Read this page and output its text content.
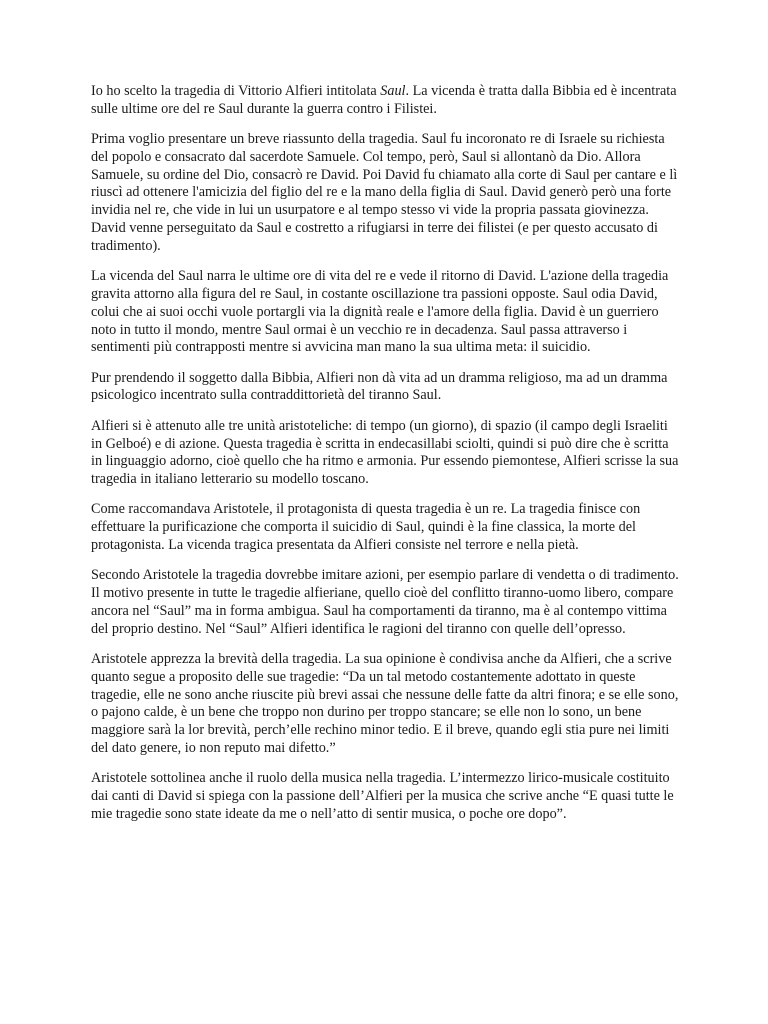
Io ho scelto la tragedia di Vittorio Alfieri intitolata Saul. La vicenda è tratta dalla Bibbia ed è incentrata sulle ultime ore del re Saul durante la guerra contro i Filistei.

Prima voglio presentare un breve riassunto della tragedia. Saul fu incoronato re di Israele su richiesta del popolo e consacrato dal sacerdote Samuele. Col tempo, però, Saul si allontanò da Dio. Allora Samuele, su ordine del Dio, consacrò re David. Poi David fu chiamato alla corte di Saul per cantare e lì riuscì ad ottenere l'amicizia del figlio del re e la mano della figlia di Saul. David generò però una forte invidia nel re, che vide in lui un usurpatore e al tempo stesso vi vide la propria passata giovinezza. David venne perseguitato da Saul e costretto a rifugiarsi in terre dei filistei (e per questo accusato di tradimento).

La vicenda del Saul narra le ultime ore di vita del re e vede il ritorno di David. L'azione della tragedia gravita attorno alla figura del re Saul, in costante oscillazione tra passioni opposte. Saul odia David, colui che ai suoi occhi vuole portargli via la dignità reale e l'amore della figlia. David è un guerriero noto in tutto il mondo, mentre Saul ormai è un vecchio re in decadenza. Saul passa attraverso i sentimenti più contrapposti mentre si avvicina man mano la sua ultima meta: il suicidio.

Pur prendendo il soggetto dalla Bibbia, Alfieri non dà vita ad un dramma religioso, ma ad un dramma psicologico incentrato sulla contraddittorietà del tiranno Saul.

Alfieri si è attenuto alle tre unità aristoteliche: di tempo (un giorno), di spazio (il campo degli Israeliti in Gelboé) e di azione. Questa tragedia è scritta in endecasillabi sciolti, quindi si può dire che è scritta in linguaggio adorno, cioè quello che ha ritmo e armonia. Pur essendo piemontese, Alfieri scrisse la sua tragedia in italiano letterario su modello toscano.

Come raccomandava Aristotele, il protagonista di questa tragedia è un re. La tragedia finisce con effettuare la purificazione che comporta il suicidio di Saul, quindi è la fine classica, la morte del protagonista. La vicenda tragica presentata da Alfieri consiste nel terrore e nella pietà.

Secondo Aristotele la tragedia dovrebbe imitare azioni, per esempio parlare di vendetta o di tradimento. Il motivo presente in tutte le tragedie alfieriane, quello cioè del conflitto tiranno-uomo libero, compare ancora nel “Saul” ma in forma ambigua. Saul ha comportamenti da tiranno, ma è al contempo vittima del proprio destino. Nel “Saul” Alfieri identifica le ragioni del tiranno con quelle dell’opresso.

Aristotele apprezza la brevità della tragedia. La sua opinione è condivisa anche da Alfieri, che a scrive quanto segue a proposito delle sue tragedie: “Da un tal metodo costantemente adottato in queste tragedie, elle ne sono anche riuscite più brevi assai che nessune delle fatte da altri finora; e se elle sono, o pajono calde, è un bene che troppo non durino per troppo stancare; se elle non lo sono, un bene maggiore sarà la lor brevità, perch’elle rechino minor tedio. E il breve, quando egli stia pure nei limiti del dato genere, io non reputo mai difetto.”

Aristotele sottolinea anche il ruolo della musica nella tragedia. L’intermezzo lirico-musicale costituito dai canti di David si spiega con la passione dell’Alfieri per la musica che scrive anche “E quasi tutte le mie tragedie sono state ideate da me o nell’atto di sentir musica, o poche ore dopo”.
